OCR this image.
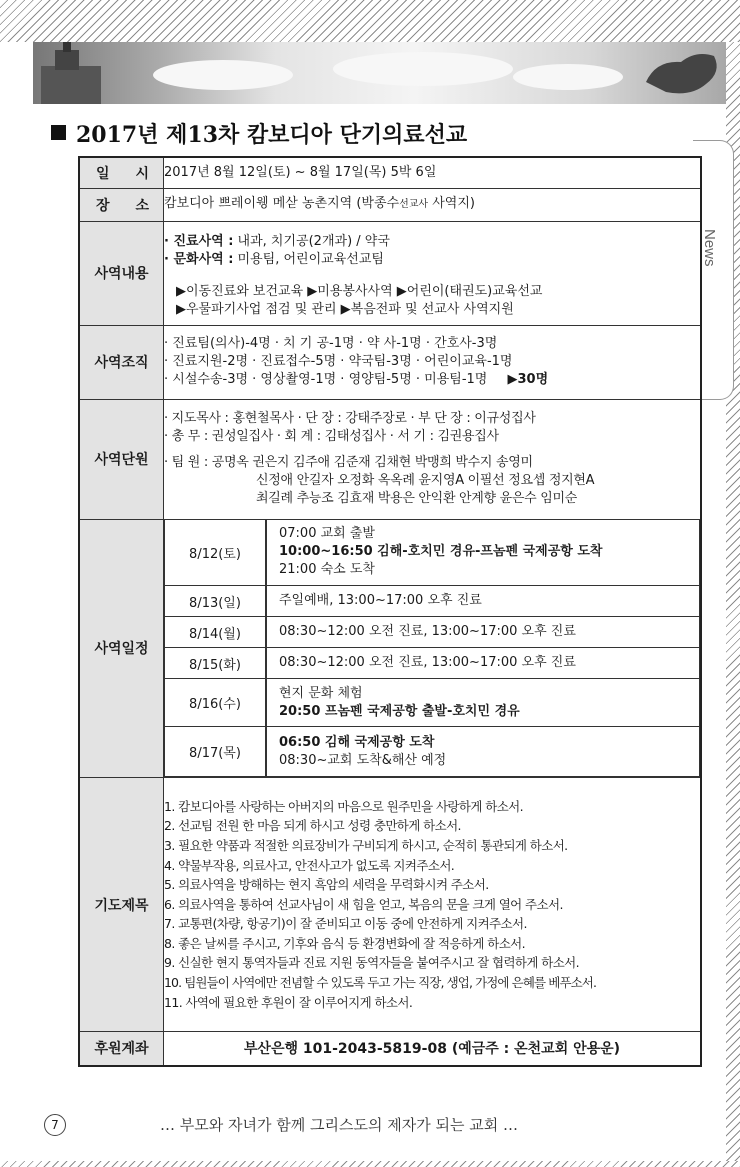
News
2017년 제13차 캄보디아 단기의료선교
일 시	2017년 8월 12일(토) ~ 8월 17일(목) 5박 6일

장 소	캄보디아 쁘레이웽 메삳 농촌지역 (박종수선교사 사역지)
사역내용	
· 진료사역 : 내과, 치기공(2개과) / 약국
· 문화사역 : 미용팀, 어린이교육선교팀
▶이동진료와 보건교육 ▶미용봉사사역 ▶어린이(태권도)교육선교
▶우물파기사업 점검 및 관리 ▶복음전파 및 선교사 사역지원

사역조직	
· 진료팀(의사)-4명 · 치 기 공-1명 · 약 사-1명 · 간호사-3명
· 진료지원-2명 · 진료접수-5명 · 약국팀-3명 · 어린이교육-1명
· 시설수송-3명 · 영상촬영-1명 · 영양팀-5명 · 미용팀-1명 ▶30명

사역단원	
· 지도목사 : 홍현철목사 · 단 장 : 강태주장로 · 부 단 장 : 이규성집사
· 총 무 : 권성일집사 · 회 계 : 김태성집사 · 서 기 : 김권용집사
· 팀 원 : 공명옥 권은지 김주애 김준재 김채현 박맹희 박수지 송영미
신정애 안길자 오정화 옥옥례 윤지영A 이필선 정요셉 정지현A
최길례 추능조 김효재 박용은 안익환 안계향 윤은수 임미순

사역일정	
8/12(토)	
07:00 교회 출발
10:00~16:50 김해-호치민 경유-프놈펜 국제공항 도착
21:00 숙소 도착

8/13(일)	주일예배, 13:00~17:00 오후 진료
8/14(월)	08:30~12:00 오전 진료, 13:00~17:00 오후 진료
8/15(화)	08:30~12:00 오전 진료, 13:00~17:00 오후 진료
8/16(수)	
현지 문화 체험
20:50 프놈펜 국제공항 출발-호치민 경유

8/17(목)	
06:50 김해 국제공항 도착
08:30~교회 도착&해산 예정

기도제목	
1. 캄보디아를 사랑하는 아버지의 마음으로 원주민을 사랑하게 하소서.
2. 선교팀 전원 한 마음 되게 하시고 성령 충만하게 하소서.
3. 필요한 약품과 적절한 의료장비가 구비되게 하시고, 순적히 통관되게 하소서.
4. 약물부작용, 의료사고, 안전사고가 없도록 지켜주소서.
5. 의료사역을 방해하는 현지 흑암의 세력을 무력화시켜 주소서.
6. 의료사역을 통하여 선교사님이 새 힘을 얻고, 복음의 문을 크게 열어 주소서.
7. 교통편(차량, 항공기)이 잘 준비되고 이동 중에 안전하게 지켜주소서.
8. 좋은 날씨를 주시고, 기후와 음식 등 환경변화에 잘 적응하게 하소서.
9. 신실한 현지 통역자들과 진료 지원 동역자들을 붙여주시고 잘 협력하게 하소서.
10. 팀원들이 사역에만 전념할 수 있도록 두고 가는 직장, 생업, 가정에 은혜를 베푸소서.
11. 사역에 필요한 후원이 잘 이루어지게 하소서.

후원계좌	부산은행 101-2043-5819-08 (예금주 : 온천교회 안용운)
7	… 부모와 자녀가 함께 그리스도의 제자가 되는 교회 …
